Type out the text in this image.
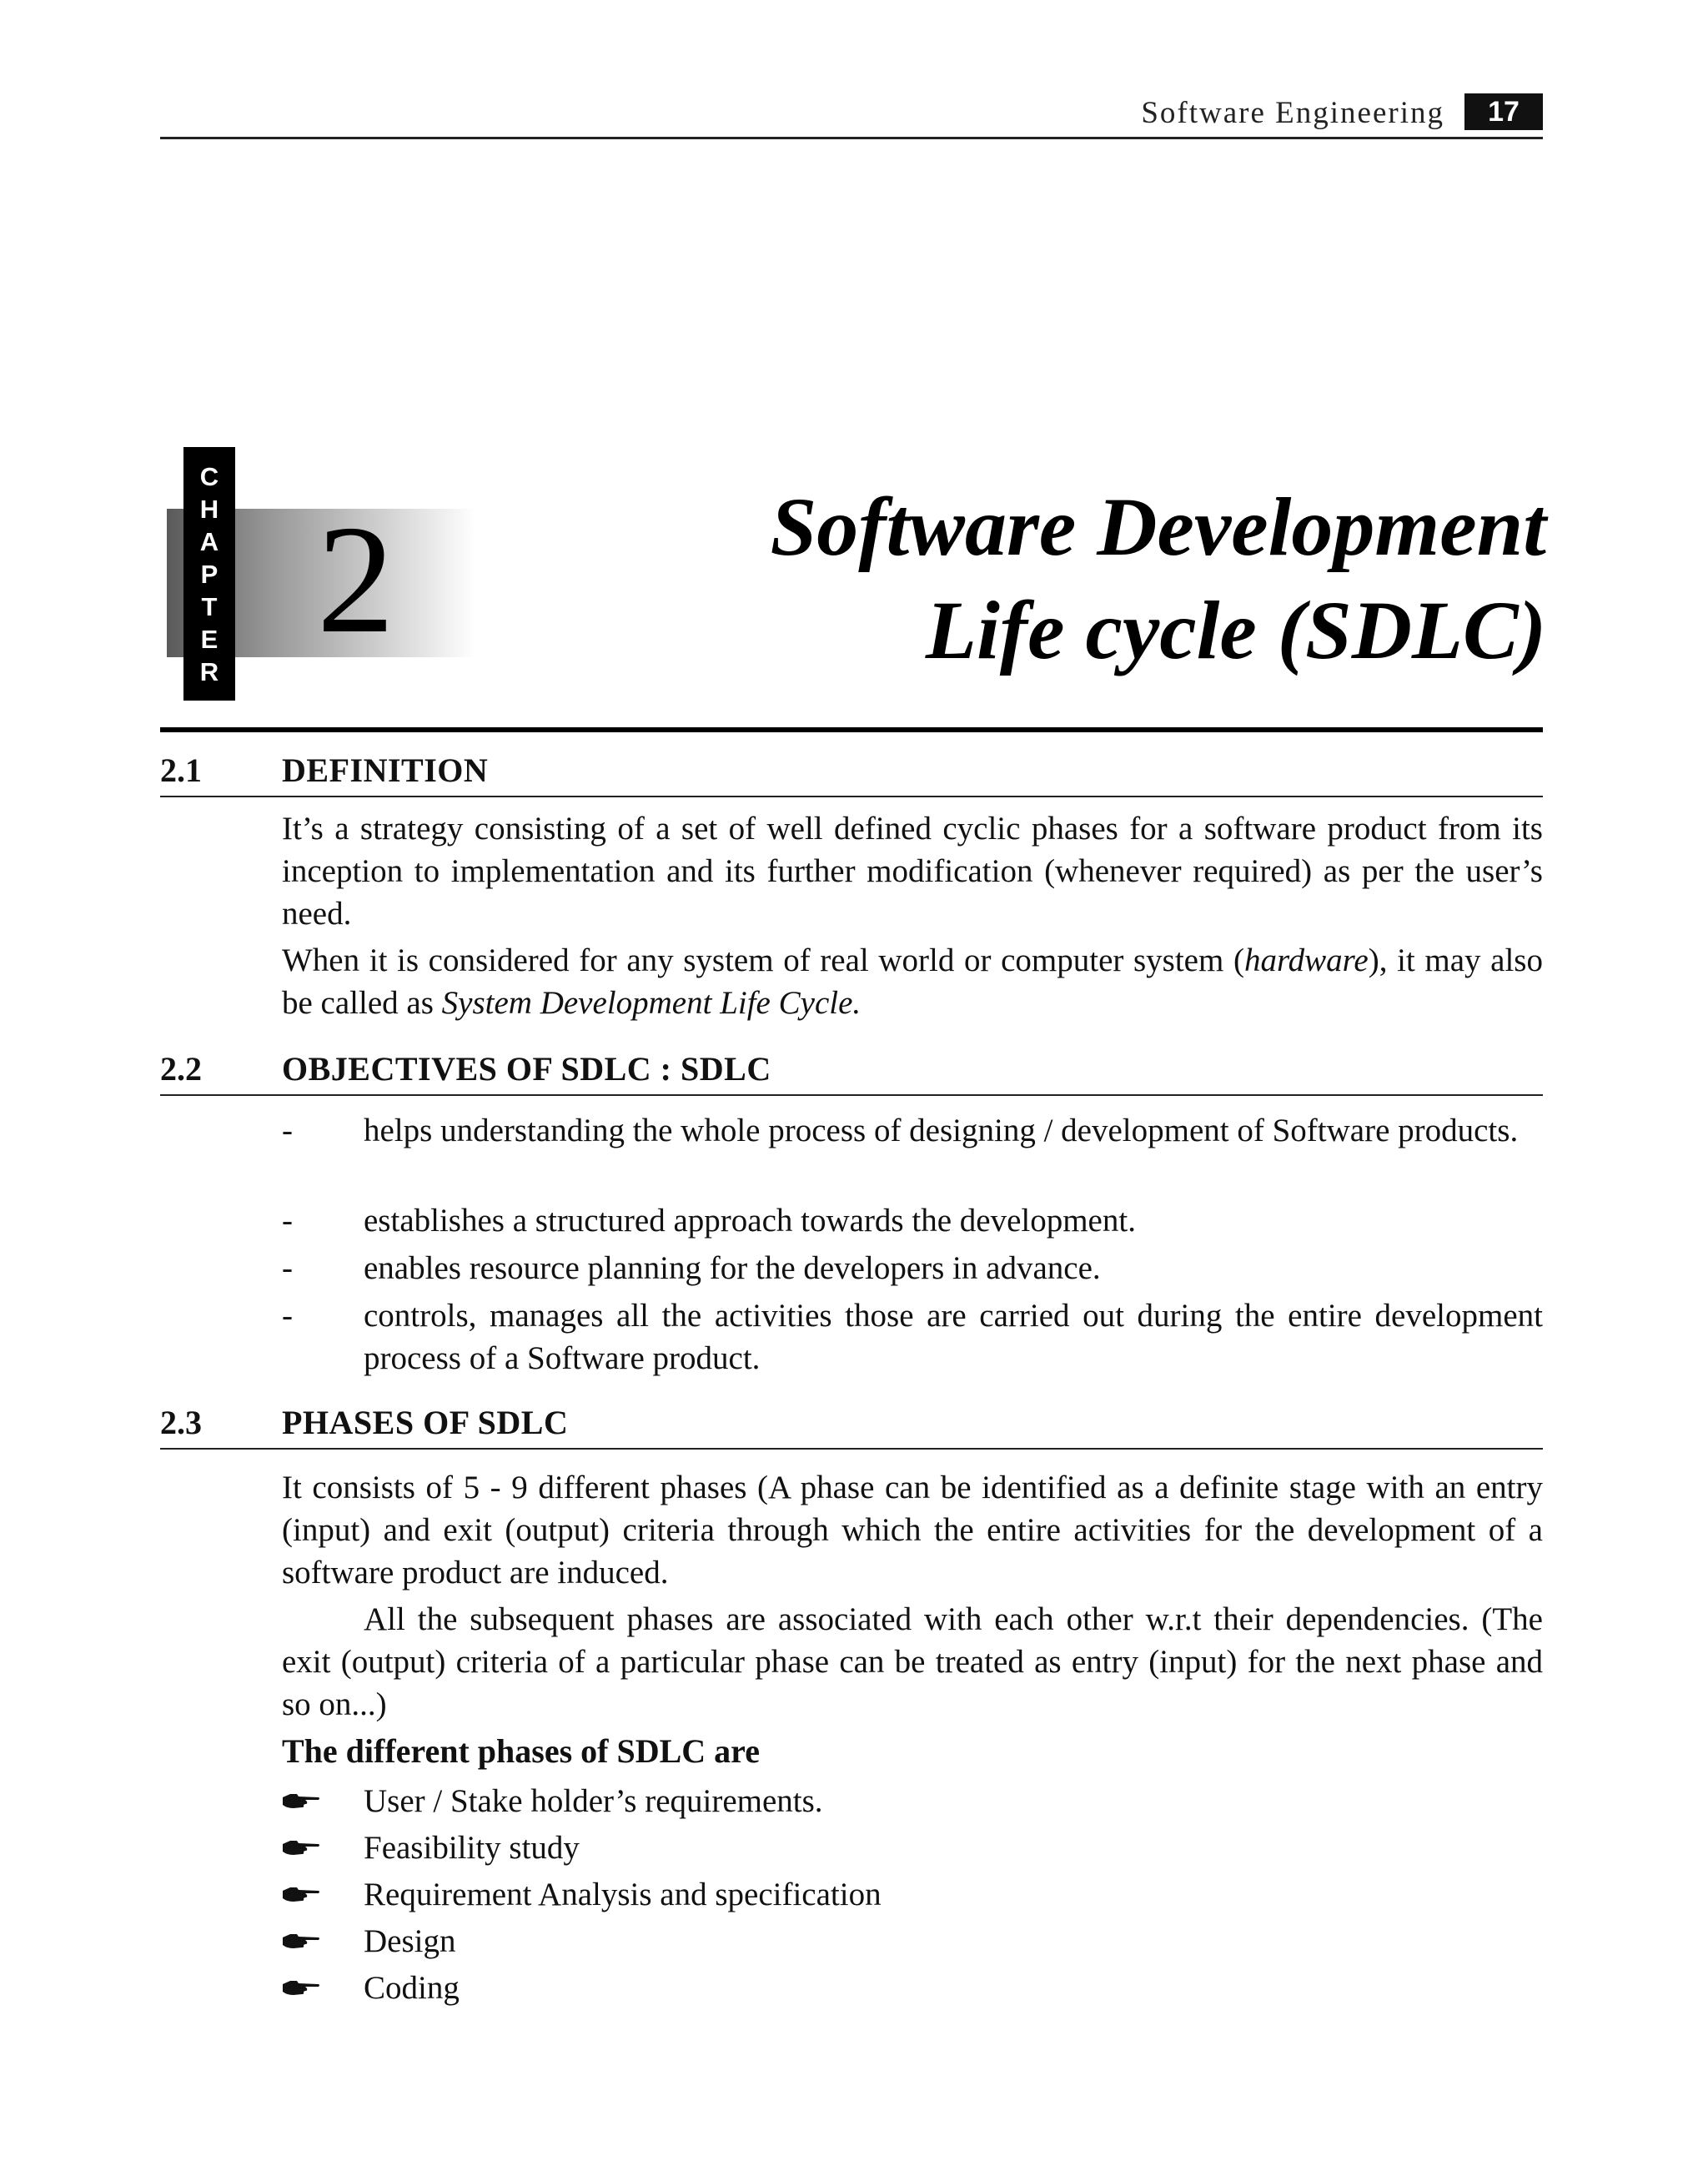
Software Engineering	17
C
H
A
P
T
E
R
2	Software Development
Life cycle (SDLC)
2.1 DEFINITION

It’s a strategy consisting of a set of well defined cyclic phases for a software product from its inception to implementation and its further modification (whenever required) as per the user’s need.

When it is considered for any system of real world or computer system (hardware), it may also be called as System Development Life Cycle.

2.2 OBJECTIVES OF SDLC : SDLC
- helps understanding the whole process of designing / development of Software products.
- establishes a structured approach towards the development.
- enables resource planning for the developers in advance.
- controls, manages all the activities those are carried out during the entire development process of a Software product.
2.3 PHASES OF SDLC

It consists of 5 - 9 different phases (A phase can be identified as a definite stage with an entry (input) and exit (output) criteria through which the entire activities for the development of a software product are induced.

All the subsequent phases are associated with each other w.r.t their dependencies. (The exit (output) criteria of a particular phase can be treated as entry (input) for the next phase and so on...)

The different phases of SDLC are
User / Stake holder’s requirements.
Feasibility study
Requirement Analysis and specification
Design
Coding
